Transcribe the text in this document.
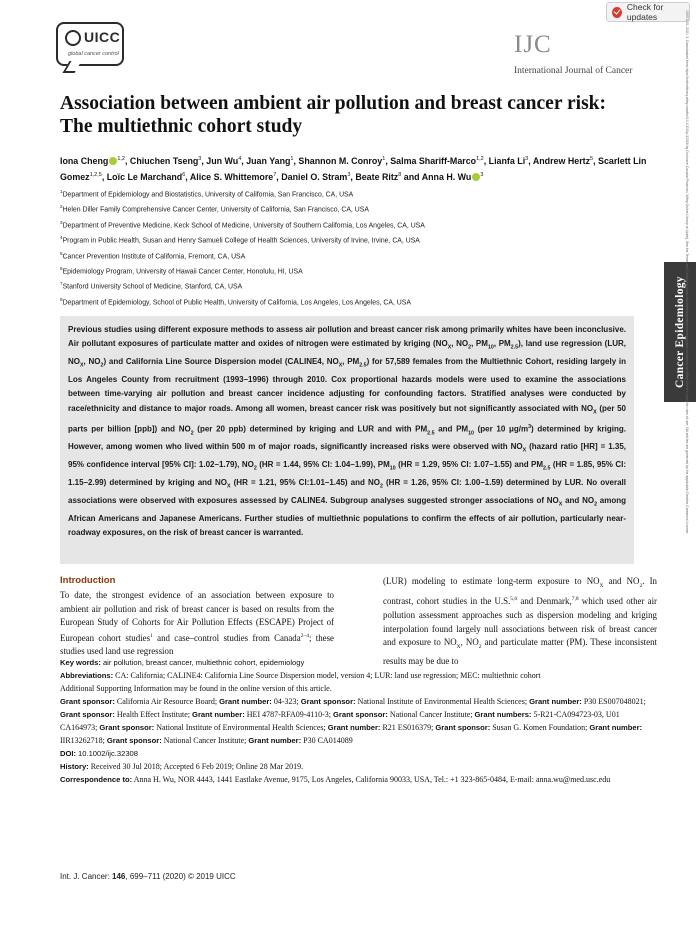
UICC
global cancer control
Check for updates
IJC
International Journal of Cancer
Cancer Epidemiology 15970215, 2020, 3, Downloaded from https://onlinelibrary.wiley.com/doi/10.1002/ijc.32308 by Cochrane Canada Provision, Wiley Online Library on [date]. See the Terms and Conditions (https://onlinelibrary.wiley.com/terms-and-conditions) on Wiley Online Library for rules of use; OA articles are governed by the applicable Creative Commons License
Association between ambient air pollution and breast cancer risk: The multiethnic cohort study
Iona Cheng $^{1,2}$, Chiuchen Tseng$^3$, Jun Wu$^4$, Juan Yang$^1$, Shannon M. Conroy$^1$, Salma Shariff-Marco$^{1,2}$, Lianfa Li$^3$, Andrew Hertz$^5$, Scarlett Lin Gomez$^{1,2,5}$, Loïc Le Marchand$^6$, Alice S. Whittemore$^7$, Daniel O. Stram$^3$, Beate Ritz$^8$ and Anna H. Wu $^3$
$^1$Department of Epidemiology and Biostatistics, University of California, San Francisco, CA, USA
$^2$Helen Diller Family Comprehensive Cancer Center, University of California, San Francisco, CA, USA
$^3$Department of Preventive Medicine, Keck School of Medicine, University of Southern California, Los Angeles, CA, USA
$^4$Program in Public Health, Susan and Henry Samueli College of Health Sciences, University of Irvine, Irvine, CA, USA
$^5$Cancer Prevention Institute of California, Fremont, CA, USA
$^6$Epidemiology Program, University of Hawaii Cancer Center, Honolulu, HI, USA
$^7$Stanford University School of Medicine, Stanford, CA, USA
$^8$Department of Epidemiology, School of Public Health, University of California, Los Angeles, Los Angeles, CA, USA
Previous studies using different exposure methods to assess air pollution and breast cancer risk among primarily whites have been inconclusive. Air pollutant exposures of particulate matter and oxides of nitrogen were estimated by kriging ($NO_X$, $NO_2$, $PM_{10}$, $PM_{2.5}$), land use regression (LUR, $NO_X$, $NO_2$) and California Line Source Dispersion model (CALINE4, $NO_X$, $PM_{2.5}$) for 57,589 females from the Multiethnic Cohort, residing largely in Los Angeles County from recruitment (1993–1996) through 2010. Cox proportional hazards models were used to examine the associations between time-varying air pollution and breast cancer incidence adjusting for confounding factors. Stratified analyses were conducted by race/ethnicity and distance to major roads. Among all women, breast cancer risk was positively but not significantly associated with $NO_X$ (per 50 parts per billion [ppb]) and $NO_2$ (per 20 ppb) determined by kriging and LUR and with $PM_{2.5}$ and $PM_{10}$ (per 10 $\mu g/m^3$) determined by kriging. However, among women who lived within 500 m of major roads, significantly increased risks were observed with $NO_X$ (hazard ratio [HR] = 1.35, 95% confidence interval [95% CI]: 1.02–1.79), $NO_2$ (HR = 1.44, 95% CI: 1.04–1.99), $PM_{10}$ (HR = 1.29, 95% CI: 1.07–1.55) and $PM_{2.5}$ (HR = 1.85, 95% CI: 1.15–2.99) determined by kriging and $NO_X$ (HR = 1.21, 95% CI:1.01–1.45) and $NO_2$ (HR = 1.26, 95% CI: 1.00–1.59) determined by LUR. No overall associations were observed with exposures assessed by CALINE4. Subgroup analyses suggested stronger associations of $NO_X$ and $NO_2$ among African Americans and Japanese Americans. Further studies of multiethnic populations to confirm the effects of air pollution, particularly near-roadway exposures, on the risk of breast cancer is warranted.
Introduction
To date, the strongest evidence of an association between exposure to ambient air pollution and risk of breast cancer is based on results from the European Study of Cohorts for Air Pollution Effects (ESCAPE) Project of European cohort studies$^1$ and case–control studies from Canada$^{2-4}$; these studies used land use regression
(LUR) modeling to estimate long-term exposure to $NO_X$ and $NO_2$. In contrast, cohort studies in the U.S.$^{5,6}$ and Denmark,$^{7,8}$ which used other air pollution assessment approaches such as dispersion modeling and kriging interpolation found largely null associations between risk of breast cancer and exposure to $NO_X$, $NO_2$ and particulate matter (PM). These inconsistent results may be due to
Key words: air pollution, breast cancer, multiethnic cohort, epidemiology
Abbreviations: CA: California; CALINE4: California Line Source Dispersion model, version 4; LUR: land use regression; MEC: multiethnic cohort
Additional Supporting Information may be found in the online version of this article.
Grant sponsor: California Air Resource Board; Grant number: 04-323; Grant sponsor: National Institute of Environmental Health Sciences; Grant number: P30 ES007048021; Grant sponsor: Health Effect Institute; Grant number: HEI 4787-RFA09-4110-3; Grant sponsor: National Cancer Institute; Grant numbers: 5-R21-CA094723-03, U01 CA164973; Grant sponsor: National Institute of Environmental Health Sciences; Grant number: R21 ES016379; Grant sponsor: Susan G. Komen Foundation; Grant number: IIR13262718; Grant sponsor: National Cancer Institute; Grant number: P30 CA014089
DOI: 10.1002/ijc.32308
History: Received 30 Jul 2018; Accepted 6 Feb 2019; Online 28 Mar 2019.
Correspondence to: Anna H. Wu, NOR 4443, 1441 Eastlake Avenue, 9175, Los Angeles, California 90033, USA, Tel.: +1 323-865-0484, E-mail: anna.wu@med.usc.edu
Int. J. Cancer: 146, 699–711 (2020) © 2019 UICC
